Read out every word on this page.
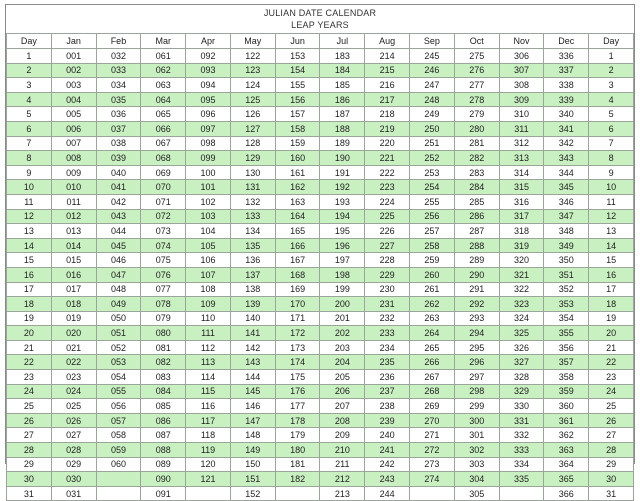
JULIAN DATE CALENDAR
LEAP YEARS
Day	Jan	Feb	Mar	Apr	May	Jun	Jul	Aug	Sep	Oct	Nov	Dec	Day
1	001	032	061	092	122	153	183	214	245	275	306	336	1
2	002	033	062	093	123	154	184	215	246	276	307	337	2
3	003	034	063	094	124	155	185	216	247	277	308	338	3
4	004	035	064	095	125	156	186	217	248	278	309	339	4
5	005	036	065	096	126	157	187	218	249	279	310	340	5
6	006	037	066	097	127	158	188	219	250	280	311	341	6
7	007	038	067	098	128	159	189	220	251	281	312	342	7
8	008	039	068	099	129	160	190	221	252	282	313	343	8
9	009	040	069	100	130	161	191	222	253	283	314	344	9
10	010	041	070	101	131	162	192	223	254	284	315	345	10
11	011	042	071	102	132	163	193	224	255	285	316	346	11
12	012	043	072	103	133	164	194	225	256	286	317	347	12
13	013	044	073	104	134	165	195	226	257	287	318	348	13
14	014	045	074	105	135	166	196	227	258	288	319	349	14
15	015	046	075	106	136	167	197	228	259	289	320	350	15
16	016	047	076	107	137	168	198	229	260	290	321	351	16
17	017	048	077	108	138	169	199	230	261	291	322	352	17
18	018	049	078	109	139	170	200	231	262	292	323	353	18
19	019	050	079	110	140	171	201	232	263	293	324	354	19
20	020	051	080	111	141	172	202	233	264	294	325	355	20
21	021	052	081	112	142	173	203	234	265	295	326	356	21
22	022	053	082	113	143	174	204	235	266	296	327	357	22
23	023	054	083	114	144	175	205	236	267	297	328	358	23
24	024	055	084	115	145	176	206	237	268	298	329	359	24
25	025	056	085	116	146	177	207	238	269	299	330	360	25
26	026	057	086	117	147	178	208	239	270	300	331	361	26
27	027	058	087	118	148	179	209	240	271	301	332	362	27
28	028	059	088	119	149	180	210	241	272	302	333	363	28
29	029	060	089	120	150	181	211	242	273	303	334	364	29
30	030		090	121	151	182	212	243	274	304	335	365	30
31	031		091		152		213	244		305		366	31
